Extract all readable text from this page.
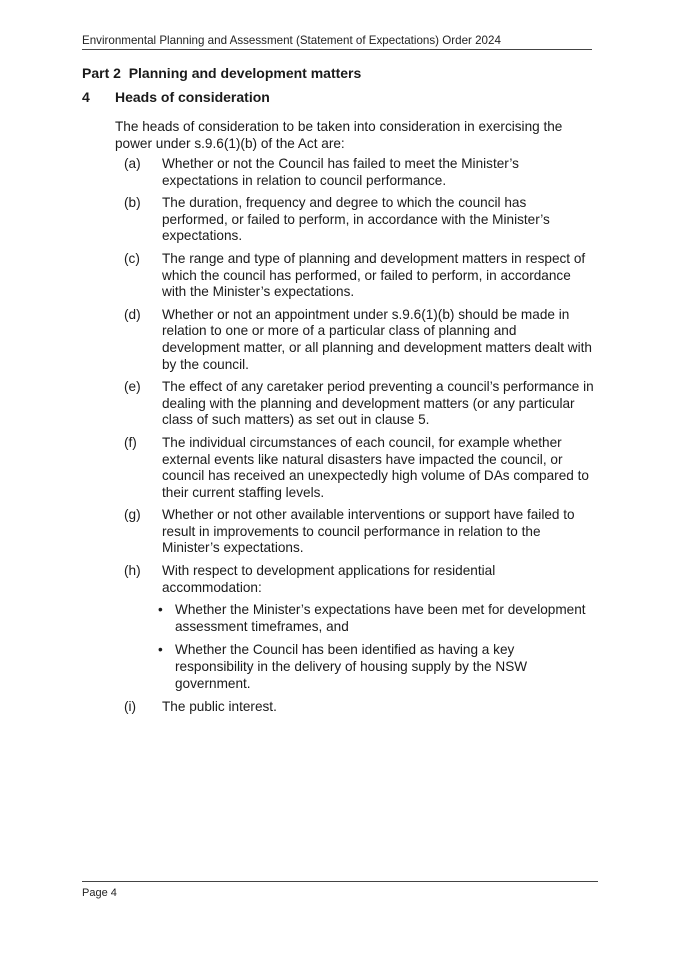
Environmental Planning and Assessment (Statement of Expectations) Order 2024
Part 2  Planning and development matters
4 Heads of consideration
The heads of consideration to be taken into consideration in exercising the power under s.9.6(1)(b) of the Act are:
(a) Whether or not the Council has failed to meet the Minister’s expectations in relation to council performance.
(b) The duration, frequency and degree to which the council has performed, or failed to perform, in accordance with the Minister’s expectations.
(c) The range and type of planning and development matters in respect of which the council has performed, or failed to perform, in accordance with the Minister’s expectations.
(d) Whether or not an appointment under s.9.6(1)(b) should be made in relation to one or more of a particular class of planning and development matter, or all planning and development matters dealt with by the council.
(e) The effect of any caretaker period preventing a council’s performance in dealing with the planning and development matters (or any particular class of such matters) as set out in clause 5.
(f) The individual circumstances of each council, for example whether external events like natural disasters have impacted the council, or council has received an unexpectedly high volume of DAs compared to their current staffing levels.
(g) Whether or not other available interventions or support have failed to result in improvements to council performance in relation to the Minister’s expectations.
(h) With respect to development applications for residential accommodation:
• Whether the Minister’s expectations have been met for development assessment timeframes, and
• Whether the Council has been identified as having a key responsibility in the delivery of housing supply by the NSW government.
(i) The public interest.
Page 4
